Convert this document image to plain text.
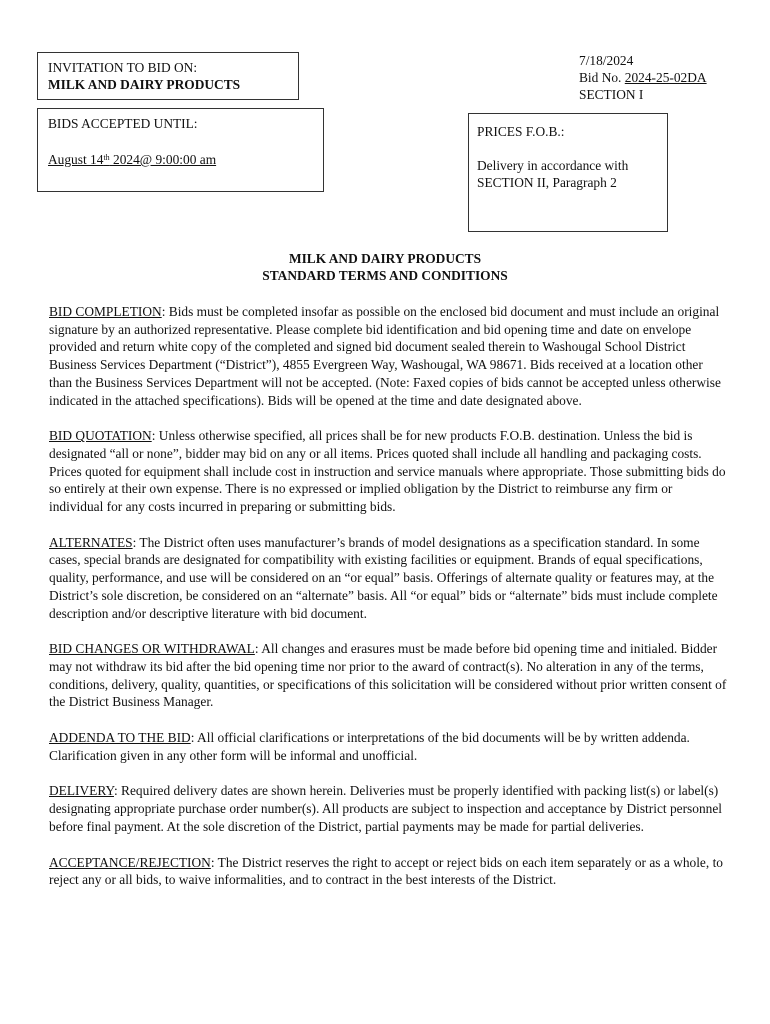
INVITATION TO BID ON:
MILK AND DAIRY PRODUCTS
7/18/2024
Bid No. 2024-25-02DA
SECTION I
BIDS ACCEPTED UNTIL:
August 14th 2024@ 9:00:00 am
PRICES F.O.B.:
Delivery in accordance with
SECTION II, Paragraph 2
MILK AND DAIRY PRODUCTS
STANDARD TERMS AND CONDITIONS

BID COMPLETION: Bids must be completed insofar as possible on the enclosed bid document and must include an original signature by an authorized representative. Please complete bid identification and bid opening time and date on envelope provided and return white copy of the completed and signed bid document sealed therein to Washougal School District Business Services Department (“District”), 4855 Evergreen Way, Washougal, WA 98671. Bids received at a location other than the Business Services Department will not be accepted. (Note: Faxed copies of bids cannot be accepted unless otherwise indicated in the attached specifications). Bids will be opened at the time and date designated above.

BID QUOTATION: Unless otherwise specified, all prices shall be for new products F.O.B. destination. Unless the bid is designated “all or none”, bidder may bid on any or all items. Prices quoted shall include all handling and packaging costs. Prices quoted for equipment shall include cost in instruction and service manuals where appropriate. Those submitting bids do so entirely at their own expense. There is no expressed or implied obligation by the District to reimburse any firm or individual for any costs incurred in preparing or submitting bids.

ALTERNATES: The District often uses manufacturer’s brands of model designations as a specification standard. In some cases, special brands are designated for compatibility with existing facilities or equipment. Brands of equal specifications, quality, performance, and use will be considered on an “or equal” basis. Offerings of alternate quality or features may, at the District’s sole discretion, be considered on an “alternate” basis. All “or equal” bids or “alternate” bids must include complete description and/or descriptive literature with bid document.

BID CHANGES OR WITHDRAWAL: All changes and erasures must be made before bid opening time and initialed. Bidder may not withdraw its bid after the bid opening time nor prior to the award of contract(s). No alteration in any of the terms, conditions, delivery, quality, quantities, or specifications of this solicitation will be considered without prior written consent of the District Business Manager.

ADDENDA TO THE BID: All official clarifications or interpretations of the bid documents will be by written addenda. Clarification given in any other form will be informal and unofficial.

DELIVERY: Required delivery dates are shown herein. Deliveries must be properly identified with packing list(s) or label(s) designating appropriate purchase order number(s). All products are subject to inspection and acceptance by District personnel before final payment. At the sole discretion of the District, partial payments may be made for partial deliveries.

ACCEPTANCE/REJECTION: The District reserves the right to accept or reject bids on each item separately or as a whole, to reject any or all bids, to waive informalities, and to contract in the best interests of the District.
